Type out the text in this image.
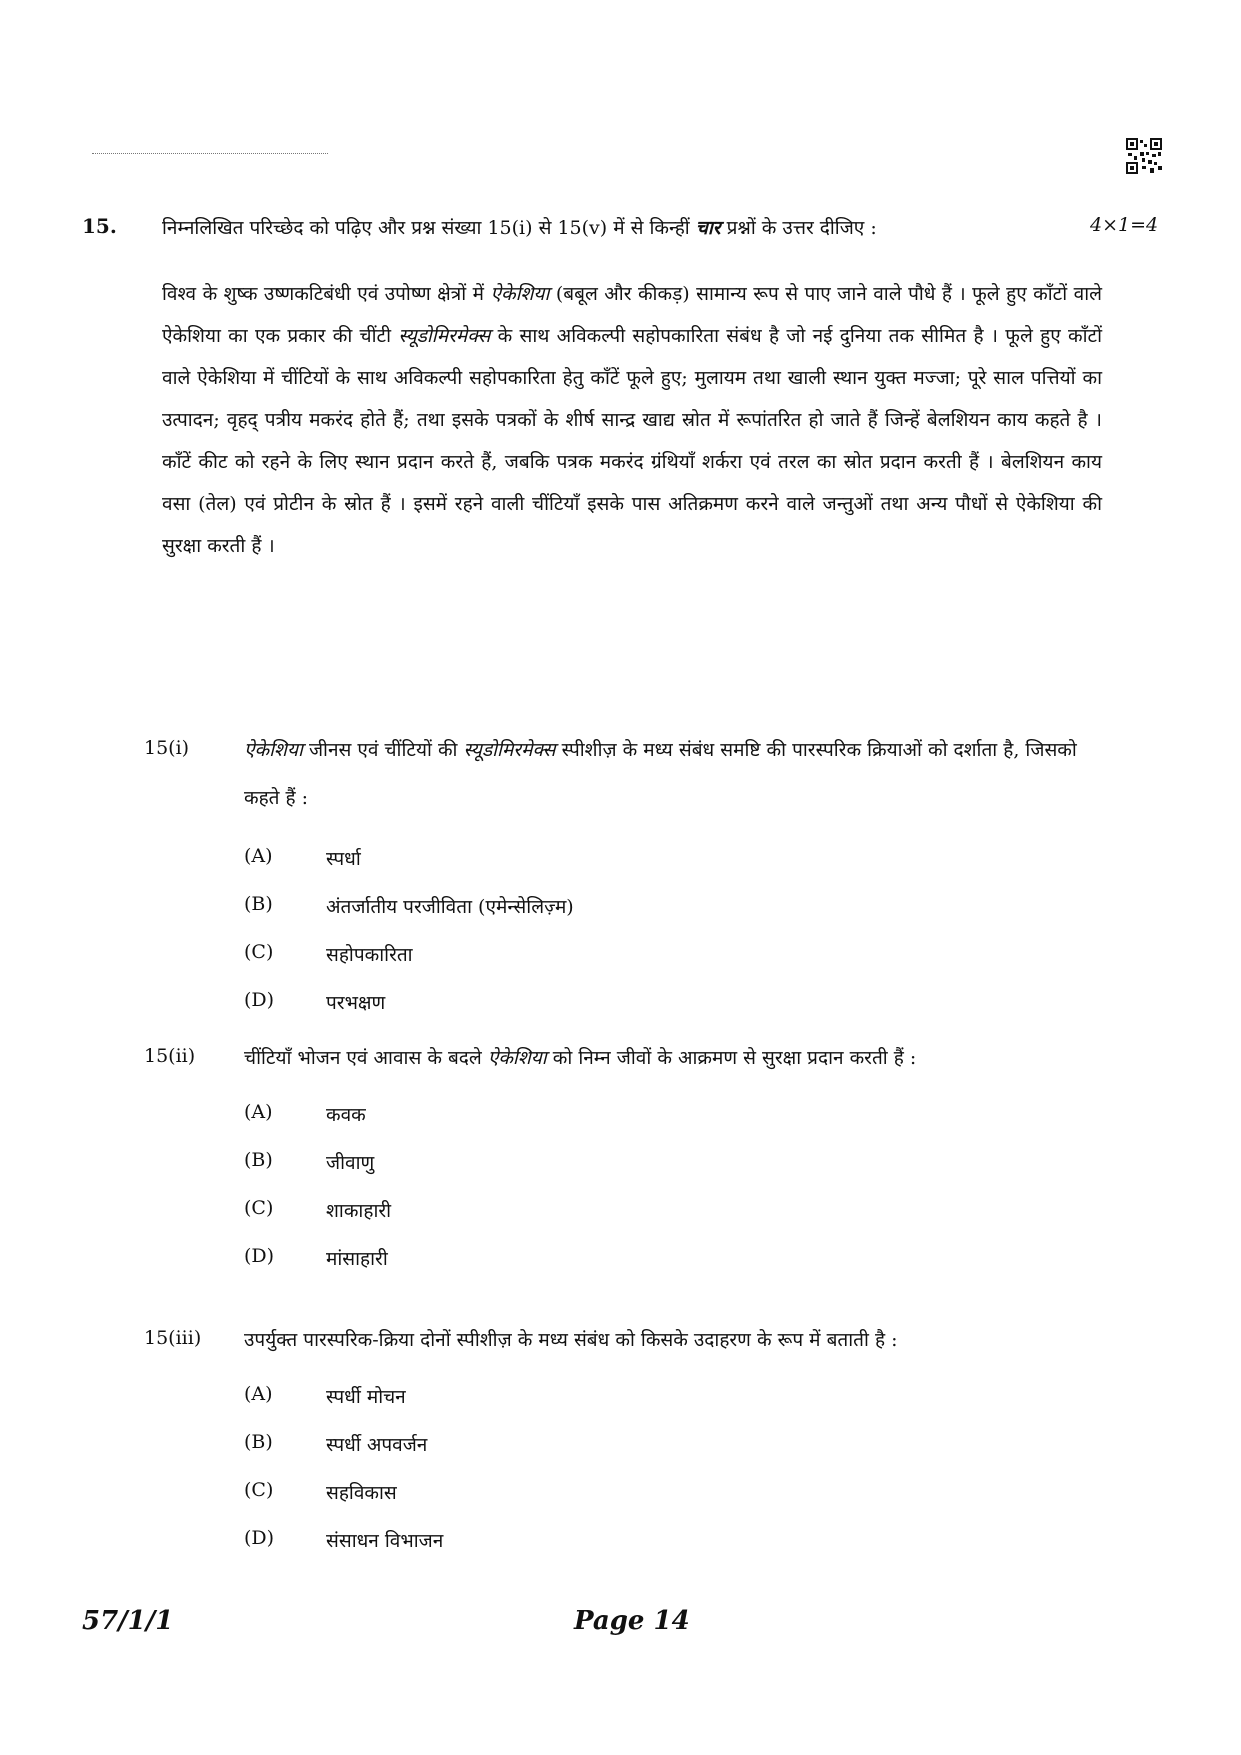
15. निम्नलिखित परिच्छेद को पढ़िए और प्रश्न संख्या 15(i) से 15(v) में से किन्हीं चार प्रश्नों के उत्तर दीजिए :	4×1=4
विश्व के शुष्क उष्णकटिबंधी एवं उपोष्ण क्षेत्रों में ऐकेशिया (बबूल और कीकड़) सामान्य रूप से पाए जाने वाले पौधे हैं । फूले हुए काँटों वाले ऐकेशिया का एक प्रकार की चींटी स्यूडोमिरमेक्स के साथ अविकल्पी सहोपकारिता संबंध है जो नई दुनिया तक सीमित है । फूले हुए काँटों वाले ऐकेशिया में चींटियों के साथ अविकल्पी सहोपकारिता हेतु काँटें फूले हुए; मुलायम तथा खाली स्थान युक्त मज्जा; पूरे साल पत्तियों का उत्पादन; वृहद् पत्रीय मकरंद होते हैं; तथा इसके पत्रकों के शीर्ष सान्द्र खाद्य स्रोत में रूपांतरित हो जाते हैं जिन्हें बेलशियन काय कहते है । काँटें कीट को रहने के लिए स्थान प्रदान करते हैं, जबकि पत्रक मकरंद ग्रंथियाँ शर्करा एवं तरल का स्रोत प्रदान करती हैं । बेलशियन काय वसा (तेल) एवं प्रोटीन के स्रोत हैं । इसमें रहने वाली चींटियाँ इसके पास अतिक्रमण करने वाले जन्तुओं तथा अन्य पौधों से ऐकेशिया की सुरक्षा करती हैं ।
15(i)	ऐकेशिया जीनस एवं चींटियों की स्यूडोमिरमेक्स स्पीशीज़ के मध्य संबंध समष्टि की पारस्परिक क्रियाओं को दर्शाता है, जिसको कहते हैं :
(A)	स्पर्धा
(B)	अंतर्जातीय परजीविता (एमेन्सेलिज़्म)
(C)	सहोपकारिता
(D)	परभक्षण
15(ii)	चींटियाँ भोजन एवं आवास के बदले ऐकेशिया को निम्न जीवों के आक्रमण से सुरक्षा प्रदान करती हैं :
(A)	कवक
(B)	जीवाणु
(C)	शाकाहारी
(D)	मांसाहारी
15(iii)	उपर्युक्त पारस्परिक-क्रिया दोनों स्पीशीज़ के मध्य संबंध को किसके उदाहरण के रूप में बताती है :
(A)	स्पर्धी मोचन
(B)	स्पर्धी अपवर्जन
(C)	सहविकास
(D)	संसाधन विभाजन
57/1/1	Page 14
